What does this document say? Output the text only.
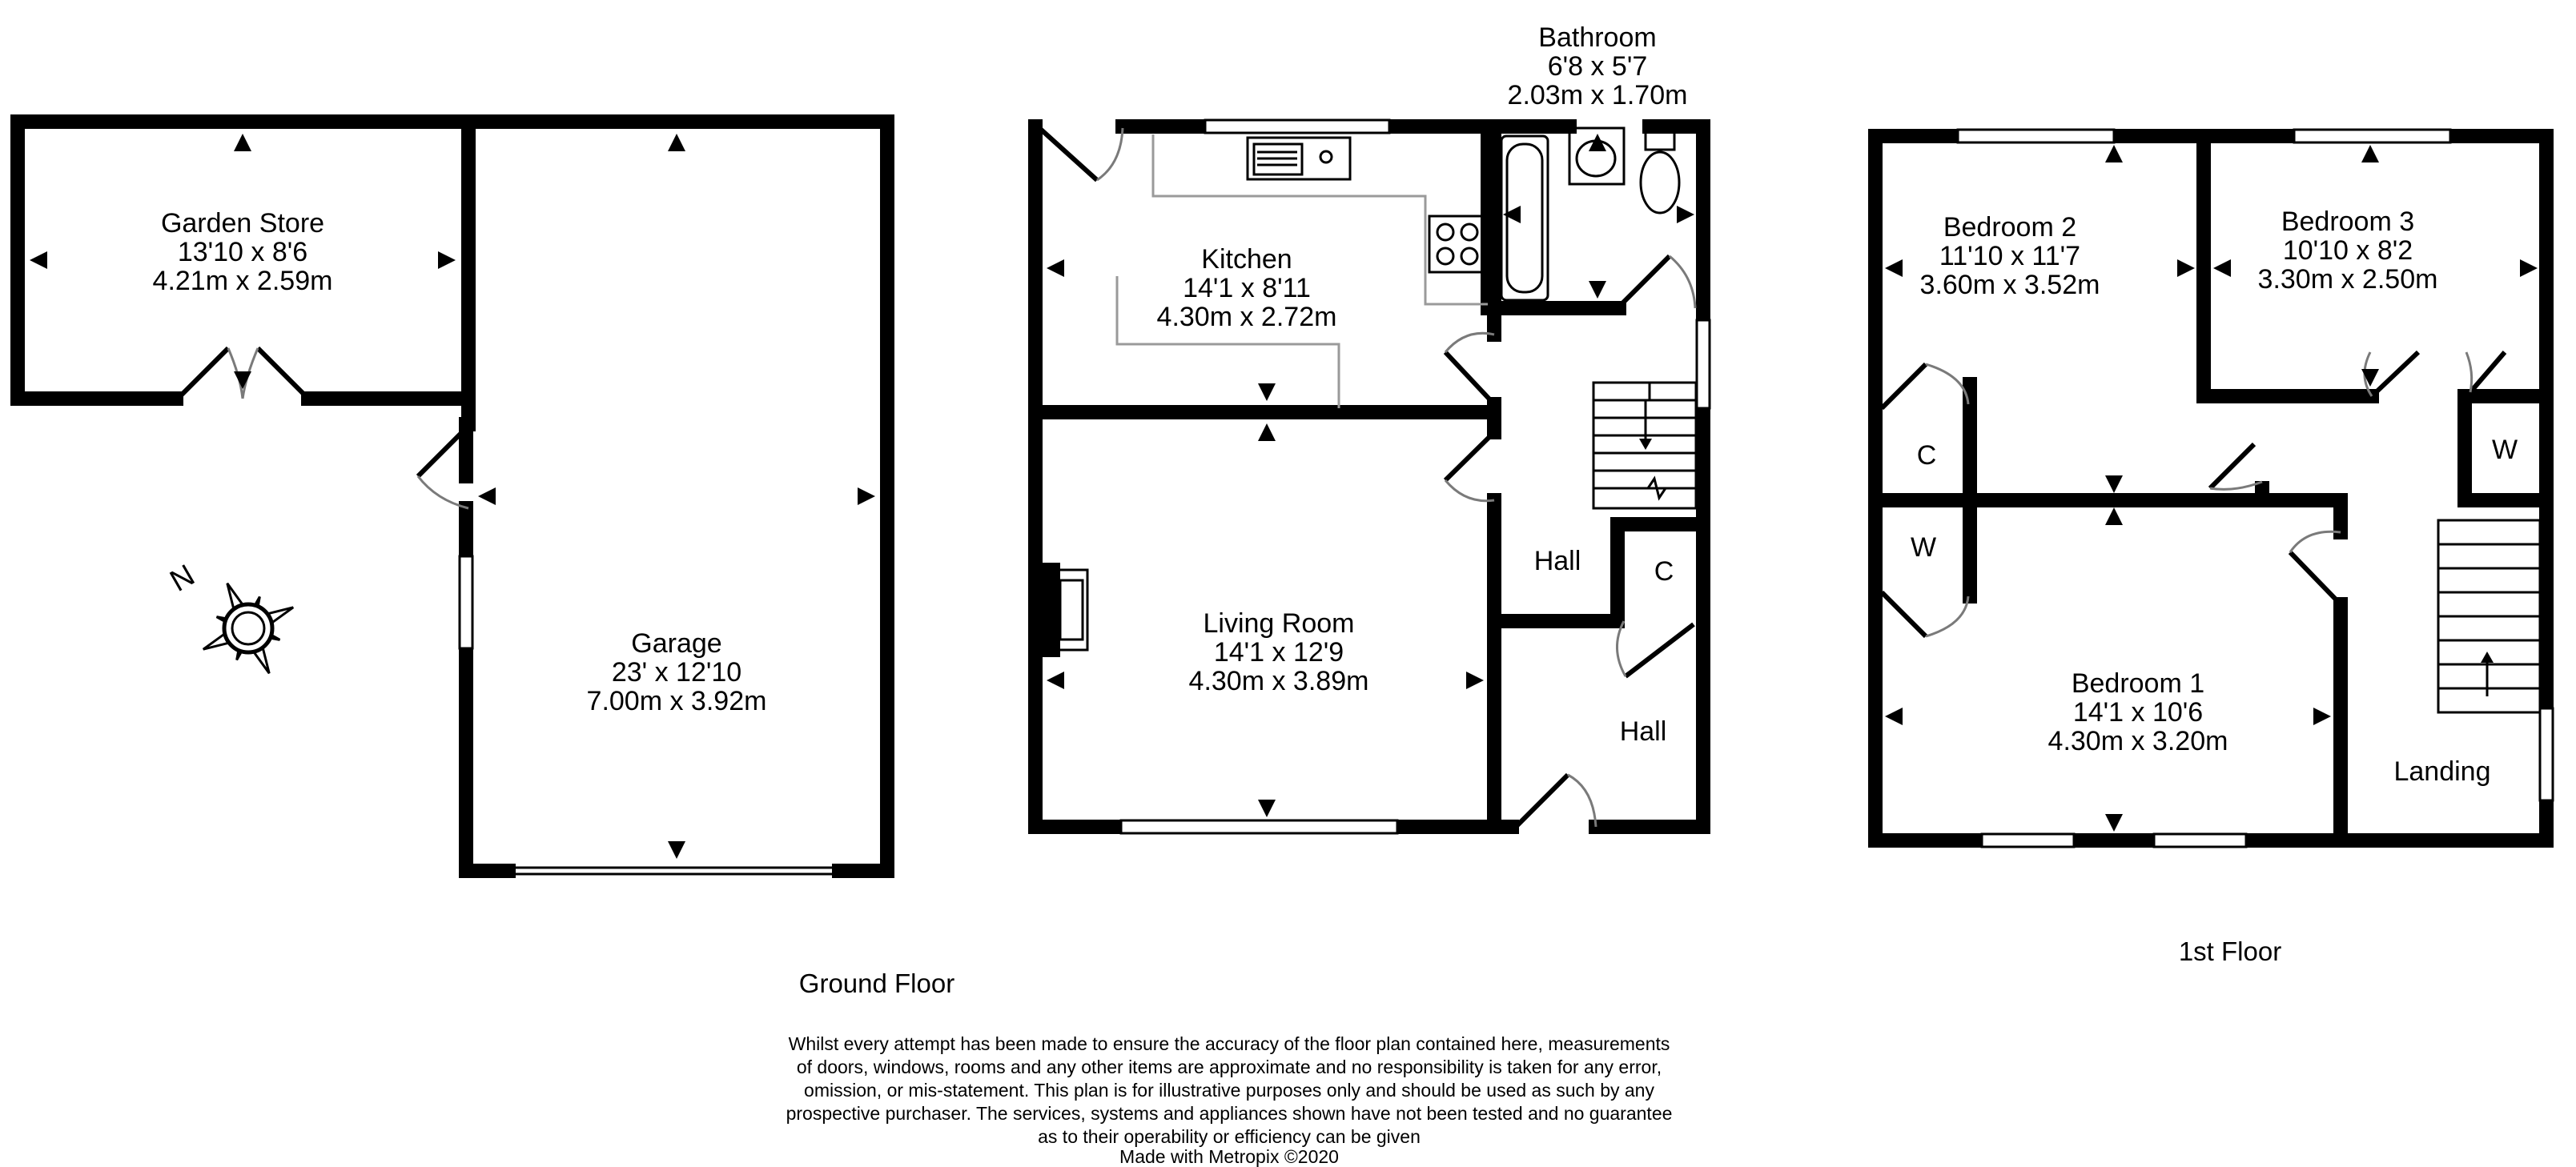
N
Garden Store
13'10 x 8'6
4.21m x 2.59m
Garage
23' x 12'10
7.00m x 3.92m
Kitchen
14'1 x 8'11
4.30m x 2.72m
Bathroom
6'8 x 5'7
2.03m x 1.70m
Living Room
14'1 x 12'9
4.30m x 3.89m
Hall
Hall
C
Bedroom 2
11'10 x 11'7
3.60m x 3.52m
Bedroom 3
10'10 x 8'2
3.30m x 2.50m
Bedroom 1
14'1 x 10'6
4.30m x 3.20m
Landing
C
W
W
Ground Floor
1st Floor
Whilst every attempt has been made to ensure the accuracy of the floor plan contained here, measurements
of doors, windows, rooms and any other items are approximate and no responsibility is taken for any error,
omission, or mis-statement. This plan is for illustrative purposes only and should be used as such by any
prospective purchaser. The services, systems and appliances shown have not been tested and no guarantee
as to their operability or efficiency can be given
Made with Metropix ©2020
